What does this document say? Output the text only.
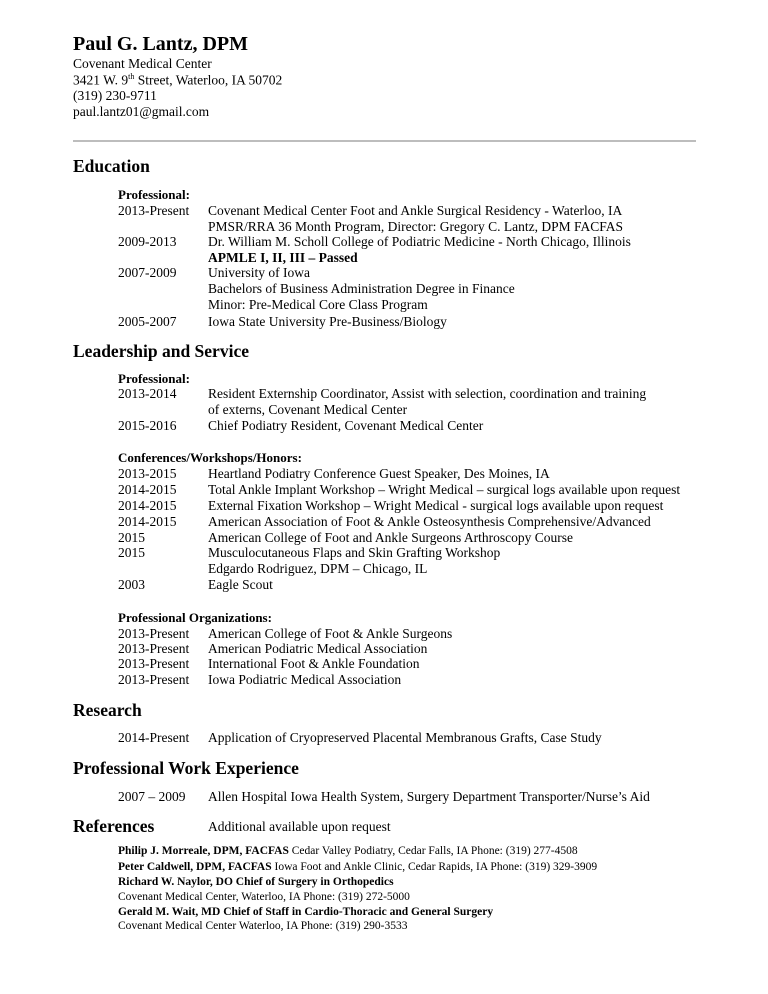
Paul G. Lantz, DPM
Covenant Medical Center
3421 W. 9th Street, Waterloo, IA 50702
(319) 230-9711
paul.lantz01@gmail.com
Education
Professional:
2013-Present Covenant Medical Center Foot and Ankle Surgical Residency - Waterloo, IA
PMSR/RRA 36 Month Program, Director: Gregory C. Lantz, DPM FACFAS
2009-2013 Dr. William M. Scholl College of Podiatric Medicine - North Chicago, Illinois
APMLE I, II, III – Passed
2007-2009 University of Iowa
Bachelors of Business Administration Degree in Finance
Minor: Pre-Medical Core Class Program
2005-2007 Iowa State University Pre-Business/Biology
Leadership and Service
Professional:
2013-2014 Resident Externship Coordinator, Assist with selection, coordination and training
of externs, Covenant Medical Center
2015-2016 Chief Podiatry Resident, Covenant Medical Center
Conferences/Workshops/Honors:
2013-2015 Heartland Podiatry Conference Guest Speaker, Des Moines, IA
2014-2015 Total Ankle Implant Workshop – Wright Medical – surgical logs available upon request
2014-2015 External Fixation Workshop – Wright Medical - surgical logs available upon request
2014-2015 American Association of Foot & Ankle Osteosynthesis Comprehensive/Advanced
2015	American College of Foot and Ankle Surgeons Arthroscopy Course
2015	Musculocutaneous Flaps and Skin Grafting Workshop
Edgardo Rodriguez, DPM – Chicago, IL
2003	Eagle Scout
Professional Organizations:
2013-Present American College of Foot & Ankle Surgeons
2013-Present American Podiatric Medical Association
2013-Present International Foot & Ankle Foundation
2013-Present Iowa Podiatric Medical Association
Research
2014-Present Application of Cryopreserved Placental Membranous Grafts, Case Study
Professional Work Experience
2007 – 2009 Allen Hospital Iowa Health System, Surgery Department Transporter/Nurse’s Aid
References	Additional available upon request
Philip J. Morreale, DPM, FACFAS Cedar Valley Podiatry, Cedar Falls, IA Phone: (319) 277-4508
Peter Caldwell, DPM, FACFAS Iowa Foot and Ankle Clinic, Cedar Rapids, IA Phone: (319) 329-3909
Richard W. Naylor, DO Chief of Surgery in Orthopedics
Covenant Medical Center, Waterloo, IA Phone: (319) 272-5000
Gerald M. Wait, MD Chief of Staff in Cardio-Thoracic and General Surgery
Covenant Medical Center Waterloo, IA Phone: (319) 290-3533
